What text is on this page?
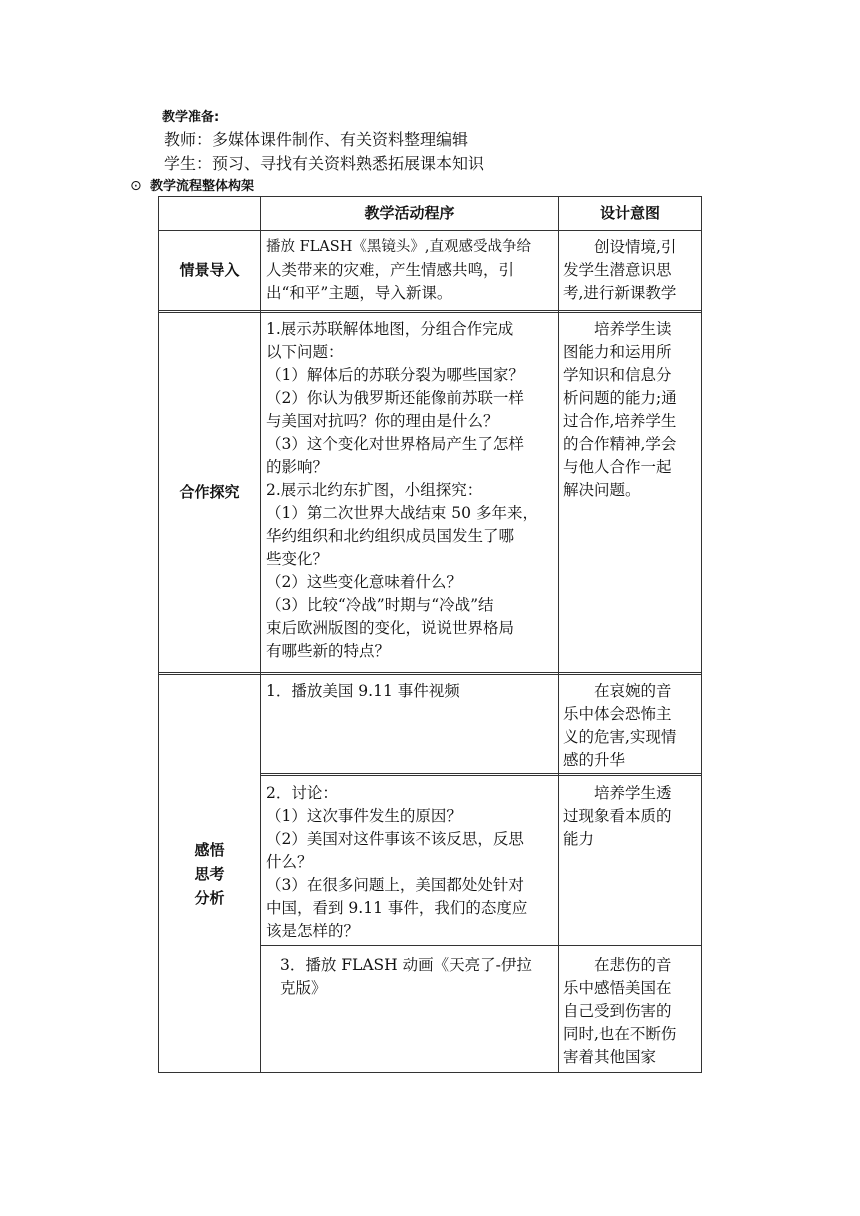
教学准备:
教师：多媒体课件制作、有关资料整理编辑
学生：预习、寻找有关资料熟悉拓展课本知识
⊙ 教学流程整体构架
教学活动程序	设计意图
情景导入

播放 FLASH《黑镜头》,直观感受战争给

人类带来的灾难，产生情感共鸣，引

出“和平”主题，导入新课。

创设情境,引

发学生潜意识思

考,进行新课教学

合作探究

1.展示苏联解体地图，分组合作完成

以下问题：

（1）解体后的苏联分裂为哪些国家？

（2）你认为俄罗斯还能像前苏联一样

与美国对抗吗？你的理由是什么？

（3）这个变化对世界格局产生了怎样

的影响？

2.展示北约东扩图，小组探究：

（1）第二次世界大战结束 50 多年来，

华约组织和北约组织成员国发生了哪

些变化？

（2）这些变化意味着什么？

（3）比较“冷战”时期与“冷战”结

束后欧洲版图的变化，说说世界格局

有哪些新的特点？

培养学生读

图能力和运用所

学知识和信息分

析问题的能力;通

过合作,培养学生

的合作精神,学会

与他人合作一起

解决问题。

感悟
思考
分析

1．播放美国 9.11 事件视频	在哀婉的音

乐中体会恐怖主

义的危害,实现情

感的升华

2．讨论：

（1）这次事件发生的原因？

（2）美国对这件事该不该反思，反思

什么？

（3）在很多问题上，美国都处处针对

中国，看到 9.11 事件，我们的态度应

该是怎样的？

培养学生透

过现象看本质的

能力

3．播放 FLASH 动画《天亮了-伊拉

克版》

在悲伤的音

乐中感悟美国在

自己受到伤害的

同时,也在不断伤

害着其他国家
